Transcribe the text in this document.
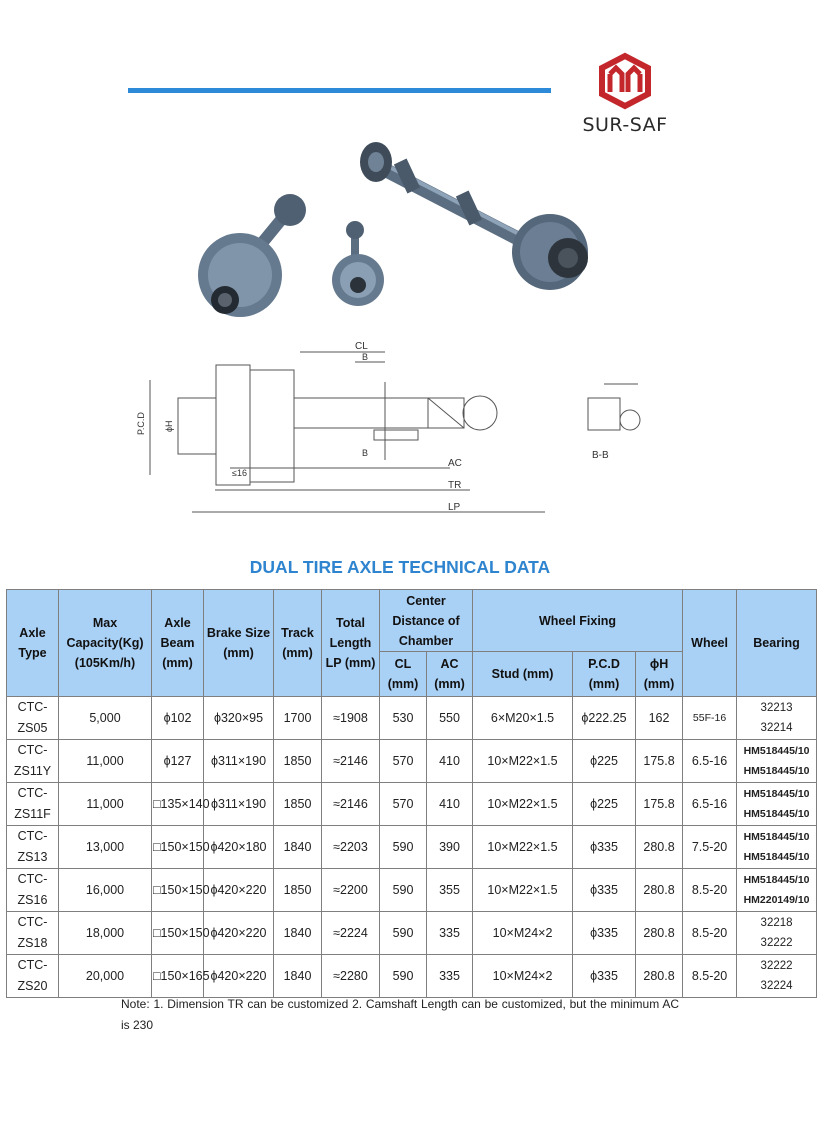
SUR-SAF
CL
B
B
P.C.D ϕH
≤16
AC
TR
LP
B-B
DUAL TIRE AXLE TECHNICAL DATA
Axle Type	Max Capacity(Kg) (105Km/h)	Axle Beam (mm)	Brake Size (mm)	Track (mm)	Total Length LP (mm)	Center Distance of Chamber		Wheel Fixing			Wheel	Bearing
						CL (mm)	AC (mm)	Stud (mm)	P.C.D (mm)	ϕH (mm)		
CTC-ZS05	5,000	ϕ102	ϕ320×95	1700	≈1908	530	550	6×M20×1.5	ϕ222.25	162	55F-16	32213
32214
CTC-ZS11Y	11,000	ϕ127	ϕ311×190	1850	≈2146	570	410	10×M22×1.5	ϕ225	175.8	6.5-16	HM518445/10
HM518445/10
CTC-ZS11F	11,000	□135×140	ϕ311×190	1850	≈2146	570	410	10×M22×1.5	ϕ225	175.8	6.5-16	HM518445/10
HM518445/10
CTC-ZS13	13,000	□150×150	ϕ420×180	1840	≈2203	590	390	10×M22×1.5	ϕ335	280.8	7.5-20	HM518445/10
HM518445/10
CTC-ZS16	16,000	□150×150	ϕ420×220	1850	≈2200	590	355	10×M22×1.5	ϕ335	280.8	8.5-20	HM518445/10
HM220149/10
CTC-ZS18	18,000	□150×150	ϕ420×220	1840	≈2224	590	335	10×M24×2	ϕ335	280.8	8.5-20	32218
32222
CTC-ZS20	20,000	□150×165	ϕ420×220	1840	≈2280	590	335	10×M24×2	ϕ335	280.8	8.5-20	32222
32224
Note: 1. Dimension TR can be customized 2. Camshaft Length can be customized, but the minimum AC is 230
